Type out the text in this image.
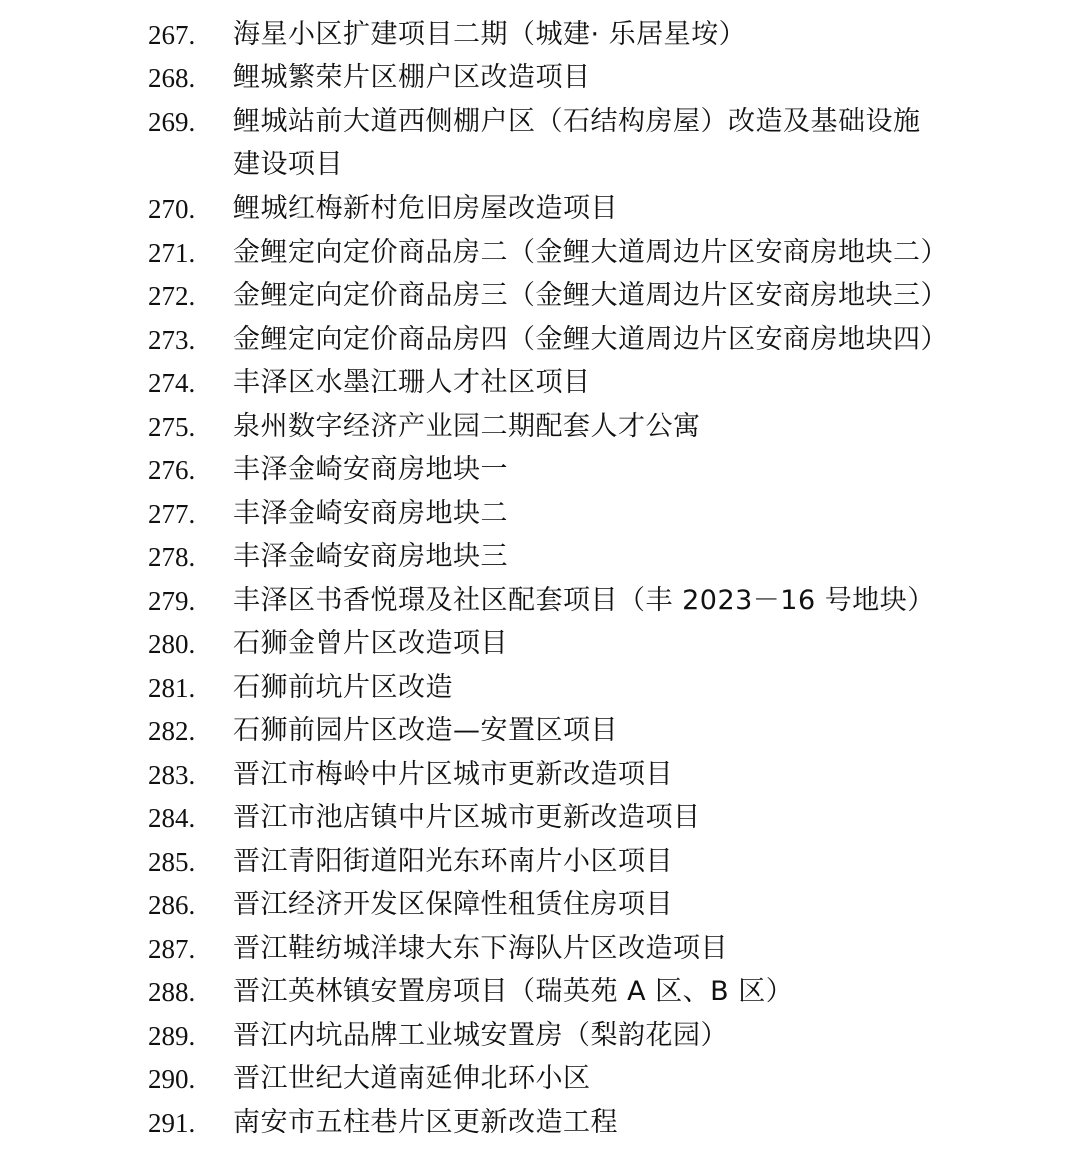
267. 海星小区扩建项目二期（城建· 乐居星垵）
268. 鲤城繁荣片区棚户区改造项目
269. 鲤城站前大道西侧棚户区（石结构房屋）改造及基础设施建设项目
270. 鲤城红梅新村危旧房屋改造项目
271. 金鲤定向定价商品房二（金鲤大道周边片区安商房地块二）
272. 金鲤定向定价商品房三（金鲤大道周边片区安商房地块三）
273. 金鲤定向定价商品房四（金鲤大道周边片区安商房地块四）
274. 丰泽区水墨江珊人才社区项目
275. 泉州数字经济产业园二期配套人才公寓
276. 丰泽金崎安商房地块一
277. 丰泽金崎安商房地块二
278. 丰泽金崎安商房地块三
279. 丰泽区书香悦璟及社区配套项目（丰 2023－16 号地块）
280. 石狮金曾片区改造项目
281. 石狮前坑片区改造
282. 石狮前园片区改造—安置区项目
283. 晋江市梅岭中片区城市更新改造项目
284. 晋江市池店镇中片区城市更新改造项目
285. 晋江青阳街道阳光东环南片小区项目
286. 晋江经济开发区保障性租赁住房项目
287. 晋江鞋纺城洋埭大东下海队片区改造项目
288. 晋江英林镇安置房项目（瑞英苑 A 区、B 区）
289. 晋江内坑品牌工业城安置房（梨韵花园）
290. 晋江世纪大道南延伸北环小区
291. 南安市五柱巷片区更新改造工程
